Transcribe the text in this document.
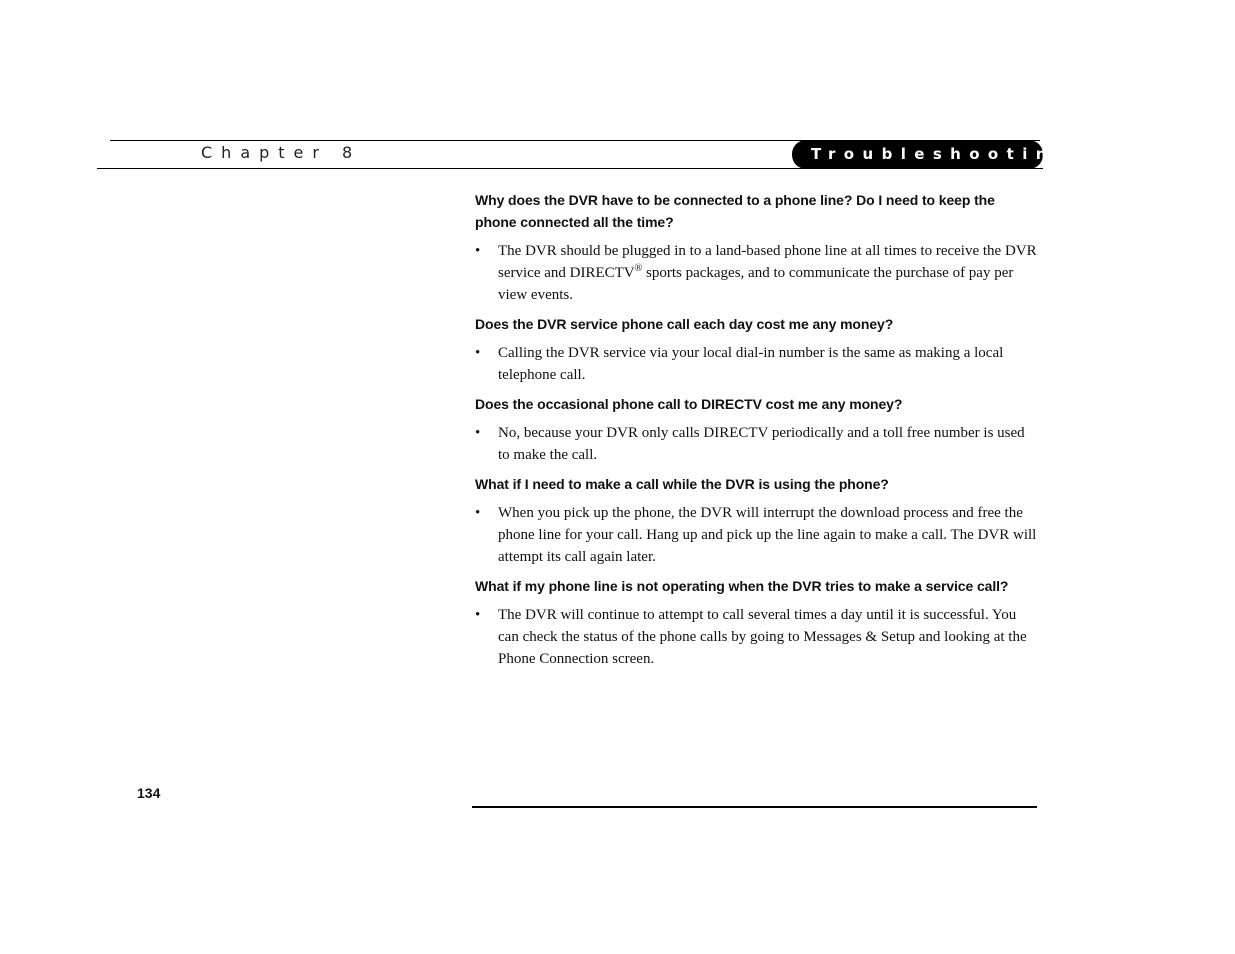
Chapter 8	Troubleshooting

Why does the DVR have to be connected to a phone line? Do I need to keep the phone connected all the time?

• The DVR should be plugged in to a land-based phone line at all times to receive the DVR service and DIRECTV® sports packages, and to communicate the purchase of pay per view events.

Does the DVR service phone call each day cost me any money?

• Calling the DVR service via your local dial-in number is the same as making a local telephone call.

Does the occasional phone call to DIRECTV cost me any money?

• No, because your DVR only calls DIRECTV periodically and a toll free number is used to make the call.

What if I need to make a call while the DVR is using the phone?

• When you pick up the phone, the DVR will interrupt the download process and free the phone line for your call. Hang up and pick up the line again to make a call. The DVR will attempt its call again later.

What if my phone line is not operating when the DVR tries to make a service call?

• The DVR will continue to attempt to call several times a day until it is successful. You can check the status of the phone calls by going to Messages & Setup and looking at the Phone Connection screen.

134
